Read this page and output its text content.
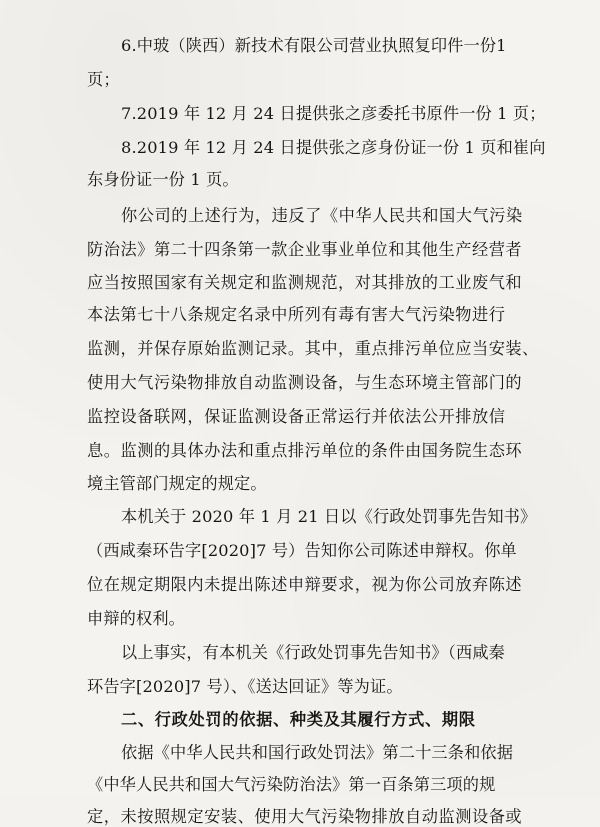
6.中玻（陕西）新技术有限公司营业执照复印件一份1
页；
7.2019 年 12 月 24 日提供张之彦委托书原件一份 1 页；
8.2019 年 12 月 24 日提供张之彦身份证一份 1 页和崔向
东身份证一份 1 页。
你公司的上述行为，违反了《中华人民共和国大气污染
防治法》第二十四条第一款企业事业单位和其他生产经营者
应当按照国家有关规定和监测规范，对其排放的工业废气和
本法第七十八条规定名录中所列有毒有害大气污染物进行
监测，并保存原始监测记录。其中，重点排污单位应当安装、
使用大气污染物排放自动监测设备，与生态环境主管部门的
监控设备联网，保证监测设备正常运行并依法公开排放信
息。监测的具体办法和重点排污单位的条件由国务院生态环
境主管部门规定的规定。
本机关于 2020 年 1 月 21 日以《行政处罚事先告知书》
（西咸秦环告字[2020]7 号）告知你公司陈述申辩权。你单
位在规定期限内未提出陈述申辩要求，视为你公司放弃陈述
申辩的权利。
以上事实，有本机关《行政处罚事先告知书》（西咸秦
环告字[2020]7 号）、《送达回证》等为证。
二、行政处罚的依据、种类及其履行方式、期限
依据《中华人民共和国行政处罚法》第二十三条和依据
《中华人民共和国大气污染防治法》第一百条第三项的规
定，未按照规定安装、使用大气污染物排放自动监测设备或
